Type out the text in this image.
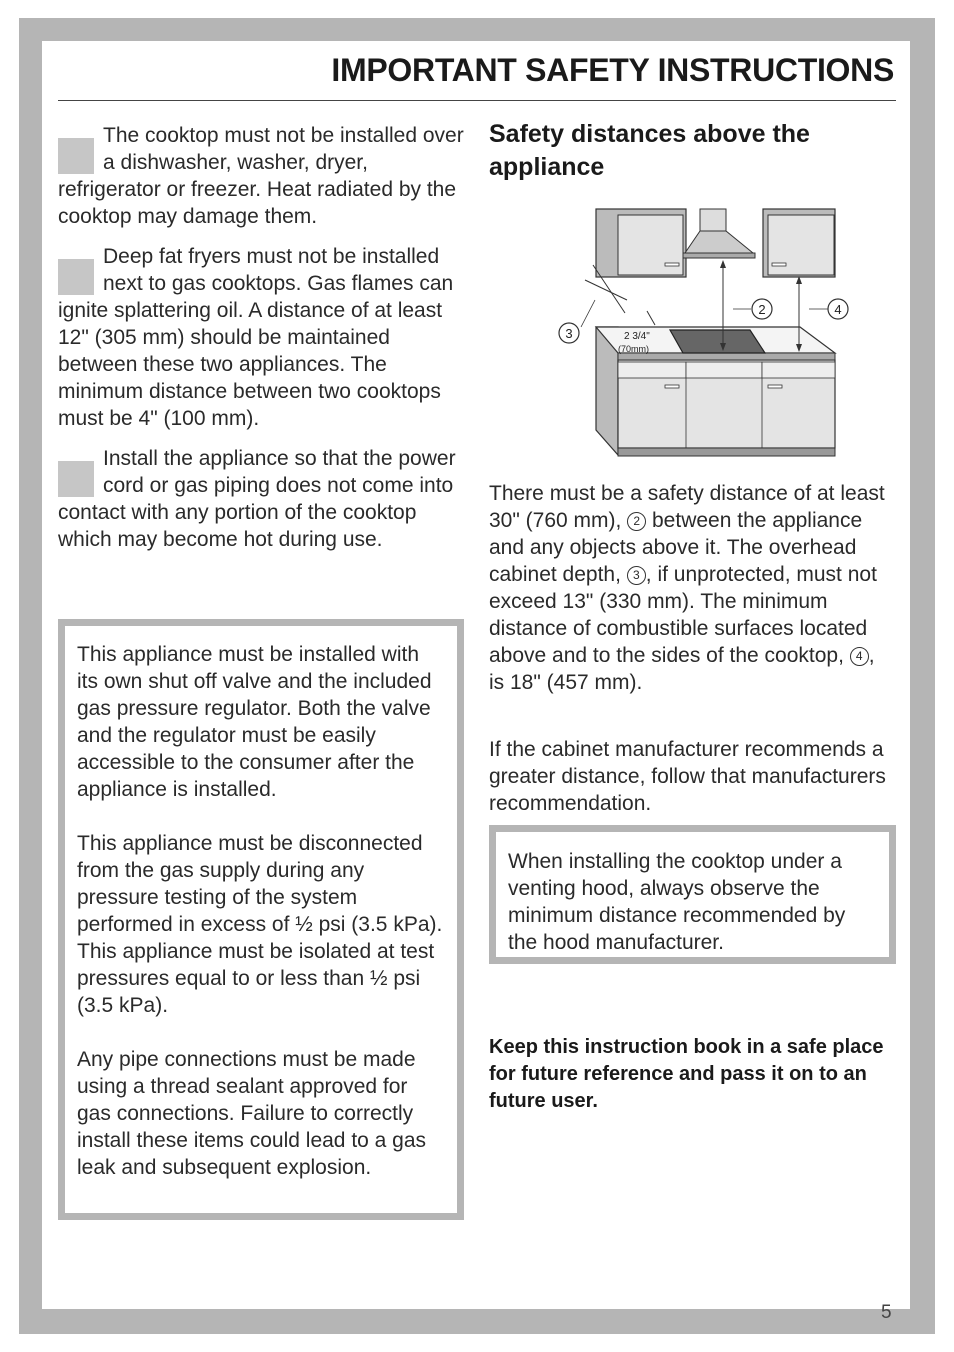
IMPORTANT SAFETY INSTRUCTIONS
The cooktop must not be installed over a dishwasher, washer, dryer, refrigerator or freezer. Heat radiated by the cooktop may damage them.
Deep fat fryers must not be installed next to gas cooktops. Gas flames can ignite splattering oil. A distance of at least 12" (305 mm) should be maintained between these two appliances. The minimum distance between two cooktops must be 4" (100 mm).
Install the appliance so that the power cord or gas piping does not come into contact with any portion of the cooktop which may become hot during use.

This appliance must be installed with its own shut off valve and the included gas pressure regulator. Both the valve and the regulator must be easily accessible to the consumer after the appliance is installed.

This appliance must be disconnected from the gas supply during any pressure testing of the system performed in excess of ½ psi (3.5 kPa). This appliance must be isolated at test pressures equal to or less than ½ psi (3.5 kPa).

Any pipe connections must be made using a thread sealant approved for gas connections. Failure to correctly install these items could lead to a gas leak and subsequent explosion.

Safety distances above the appliance
2	4
3	2 3/4"
(70mm)
There must be a safety distance of at least 30" (760 mm), 2 between the appliance and any objects above it. The overhead cabinet depth, 3 , if unprotected, must not exceed 13" (330 mm). The minimum distance of combustible surfaces located above and to the sides of the cooktop, 4 , is 18" (457 mm).
If the cabinet manufacturer recommends a greater distance, follow that manufacturers recommendation.
When installing the cooktop under a venting hood, always observe the minimum distance recommended by the hood manufacturer.
Keep this instruction book in a safe place for future reference and pass it on to an future user.
5
